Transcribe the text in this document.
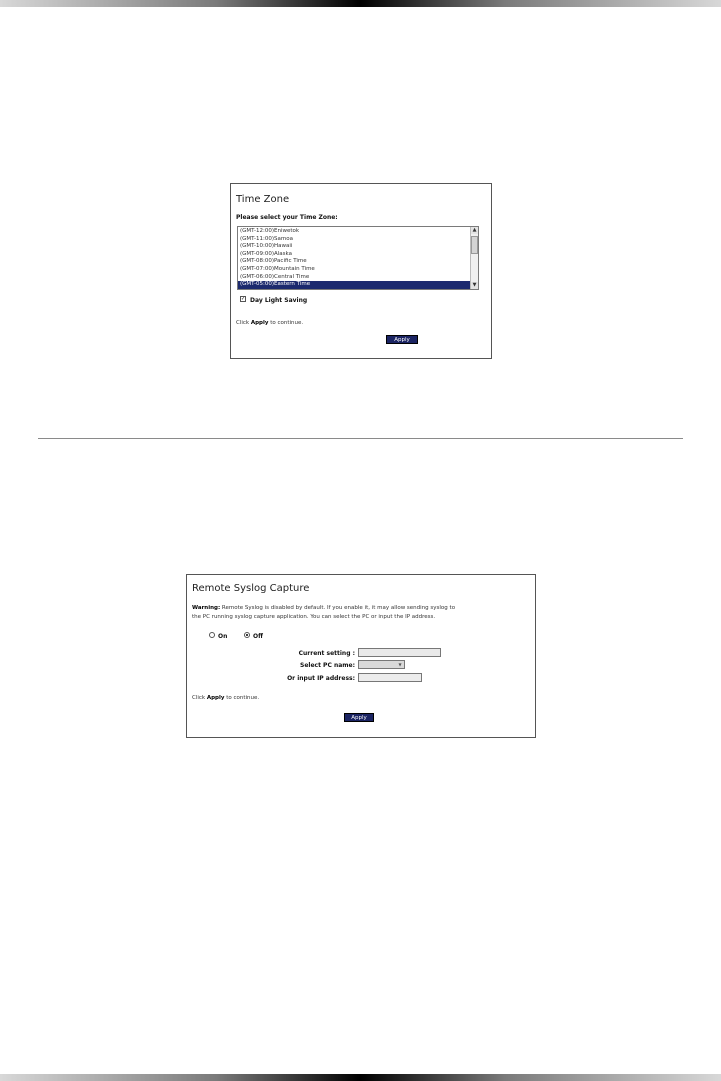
Time Zone
Please select your Time Zone:
(GMT-12:00)Eniwetok
(GMT-11:00)Samoa
(GMT-10:00)Hawaii
(GMT-09:00)Alaska
(GMT-08:00)Pacific Time
(GMT-07:00)Mountain Time
(GMT-06:00)Central Time
(GMT-05:00)Eastern Time
▲
▼
✓ Day Light Saving
Click Apply to continue.
Apply
Remote Syslog Capture
Warning: Remote Syslog is disabled by default. If you enable it, it may allow sending syslog to
the PC running syslog capture application. You can select the PC or input the IP address.
On	Off
Current setting :
Select PC name:	▼
Or input IP address:
Click Apply to continue.
Apply
